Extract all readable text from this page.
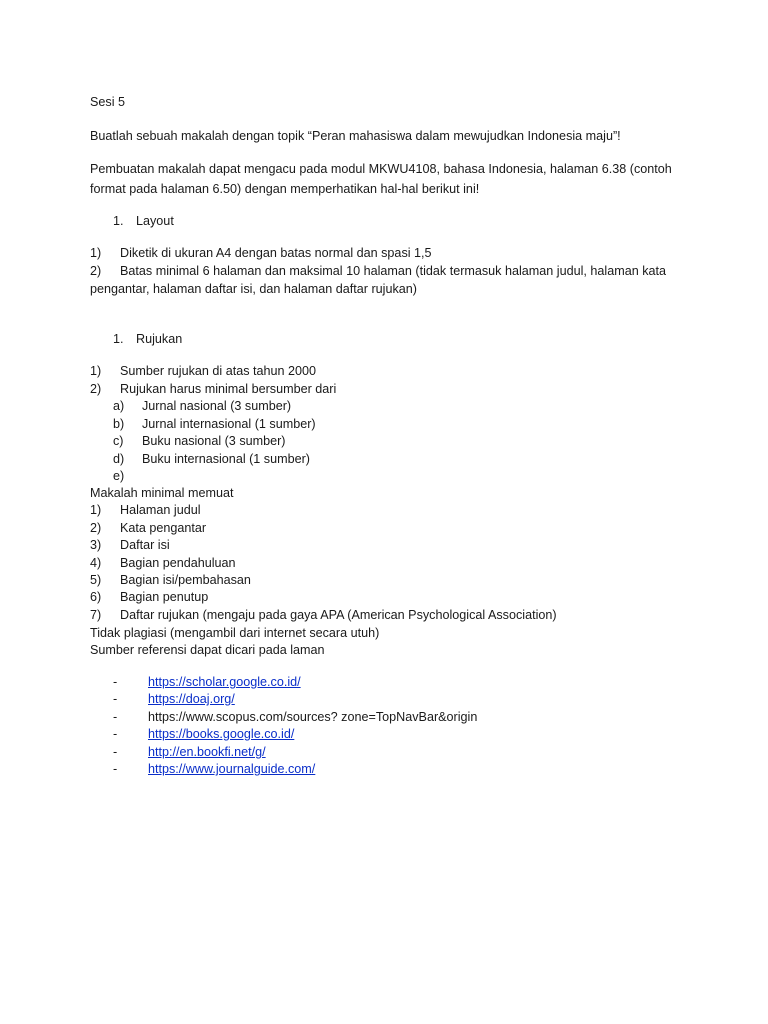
Sesi 5
Buatlah sebuah makalah dengan topik “Peran mahasiswa dalam mewujudkan Indonesia maju”!
Pembuatan makalah dapat mengacu pada modul MKWU4108, bahasa Indonesia, halaman 6.38 (contoh
format pada halaman 6.50) dengan memperhatikan hal-hal berikut ini!
1. Layout
1) Diketik di ukuran A4 dengan batas normal dan spasi 1,5
2) Batas minimal 6 halaman dan maksimal 10 halaman (tidak termasuk halaman judul, halaman kata
pengantar, halaman daftar isi, dan halaman daftar rujukan)
1. Rujukan
1) Sumber rujukan di atas tahun 2000
2) Rujukan harus minimal bersumber dari
a) Jurnal nasional (3 sumber)
b) Jurnal internasional (1 sumber)
c) Buku nasional (3 sumber)
d) Buku internasional (1 sumber)
e)
Makalah minimal memuat
1) Halaman judul
2) Kata pengantar
3) Daftar isi
4) Bagian pendahuluan
5) Bagian isi/pembahasan
6) Bagian penutup
7) Daftar rujukan (mengaju pada gaya APA (American Psychological Association)
Tidak plagiasi (mengambil dari internet secara utuh)
Sumber referensi dapat dicari pada laman
- https://scholar.google.co.id/
- https://doaj.org/
- https://www.scopus.com/sources? zone=TopNavBar&origin
- https://books.google.co.id/
- http://en.bookfi.net/g/
- https://www.journalguide.com/
